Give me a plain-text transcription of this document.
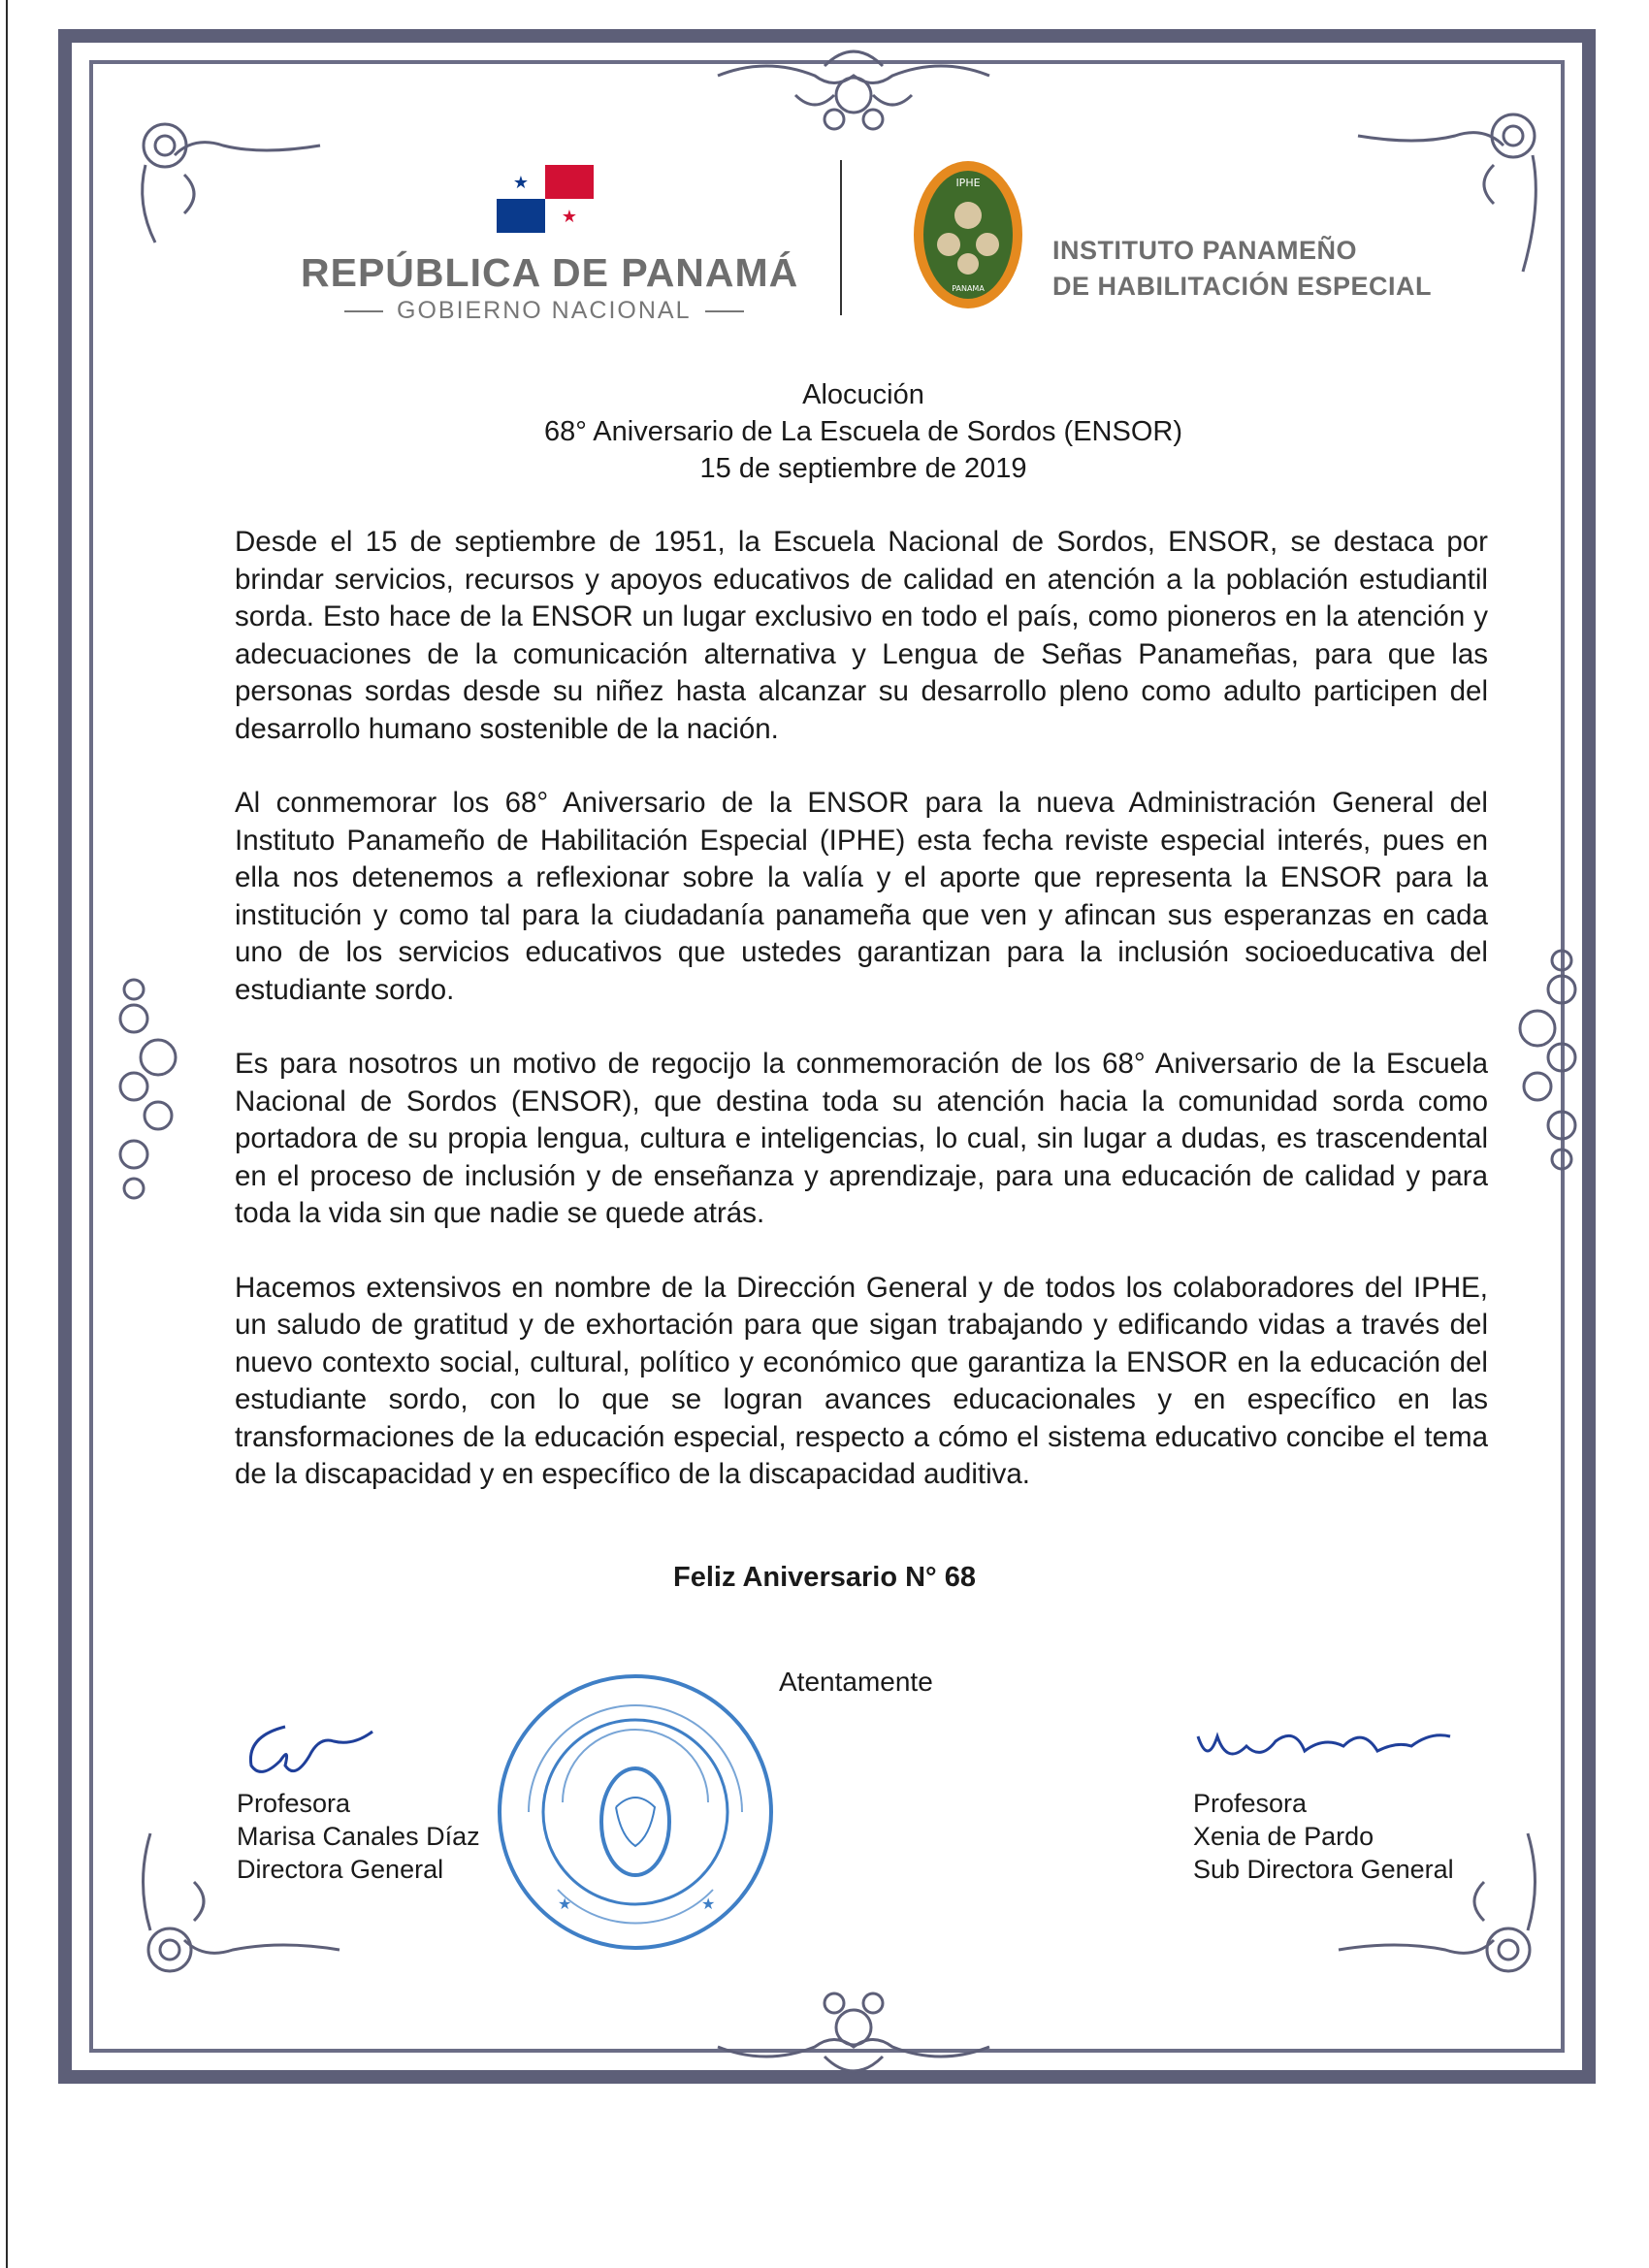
★
★
REPÚBLICA DE PANAMÁ
GOBIERNO NACIONAL
IPHE
PANAMA
INSTITUTO PANAMEÑO
DE HABILITACIÓN ESPECIAL
Alocución
68° Aniversario de La Escuela de Sordos (ENSOR)
15 de septiembre de 2019

Desde el 15 de septiembre de 1951, la Escuela Nacional de Sordos, ENSOR, se destaca por brindar servicios, recursos y apoyos educativos de calidad en atención a la población estudiantil sorda. Esto hace de la ENSOR un lugar exclusivo en todo el país, como pioneros en la atención y adecuaciones de la comunicación alternativa y Lengua de Señas Panameñas, para que las personas sordas desde su niñez hasta alcanzar su desarrollo pleno como adulto participen del desarrollo humano sostenible de la nación.

Al conmemorar los 68° Aniversario de la ENSOR para la nueva Administración General del Instituto Panameño de Habilitación Especial (IPHE) esta fecha reviste especial interés, pues en ella nos detenemos a reflexionar sobre la valía y el aporte que representa la ENSOR para la institución y como tal para la ciudadanía panameña que ven y afincan sus esperanzas en cada uno de los servicios educativos que ustedes garantizan para la inclusión socioeducativa del estudiante sordo.

Es para nosotros un motivo de regocijo la conmemoración de los 68° Aniversario de la Escuela Nacional de Sordos (ENSOR), que destina toda su atención hacia la comunidad sorda como portadora de su propia lengua, cultura e inteligencias, lo cual, sin lugar a dudas, es trascendental en el proceso de inclusión y de enseñanza y aprendizaje, para una educación de calidad y para toda la vida sin que nadie se quede atrás.

Hacemos extensivos en nombre de la Dirección General y de todos los colaboradores del IPHE, un saludo de gratitud y de exhortación para que sigan trabajando y edificando vidas a través del nuevo contexto social, cultural, político y económico que garantiza la ENSOR en la educación del estudiante sordo, con lo que se logran avances educacionales y en específico en las transformaciones de la educación especial, respecto a cómo el sistema educativo concibe el tema de la discapacidad y en específico de la discapacidad auditiva.

Feliz Aniversario N° 68
Atentamente
Profesora
Marisa Canales Díaz
Directora General
Profesora
Xenia de Pardo
Sub Directora General
★	★
